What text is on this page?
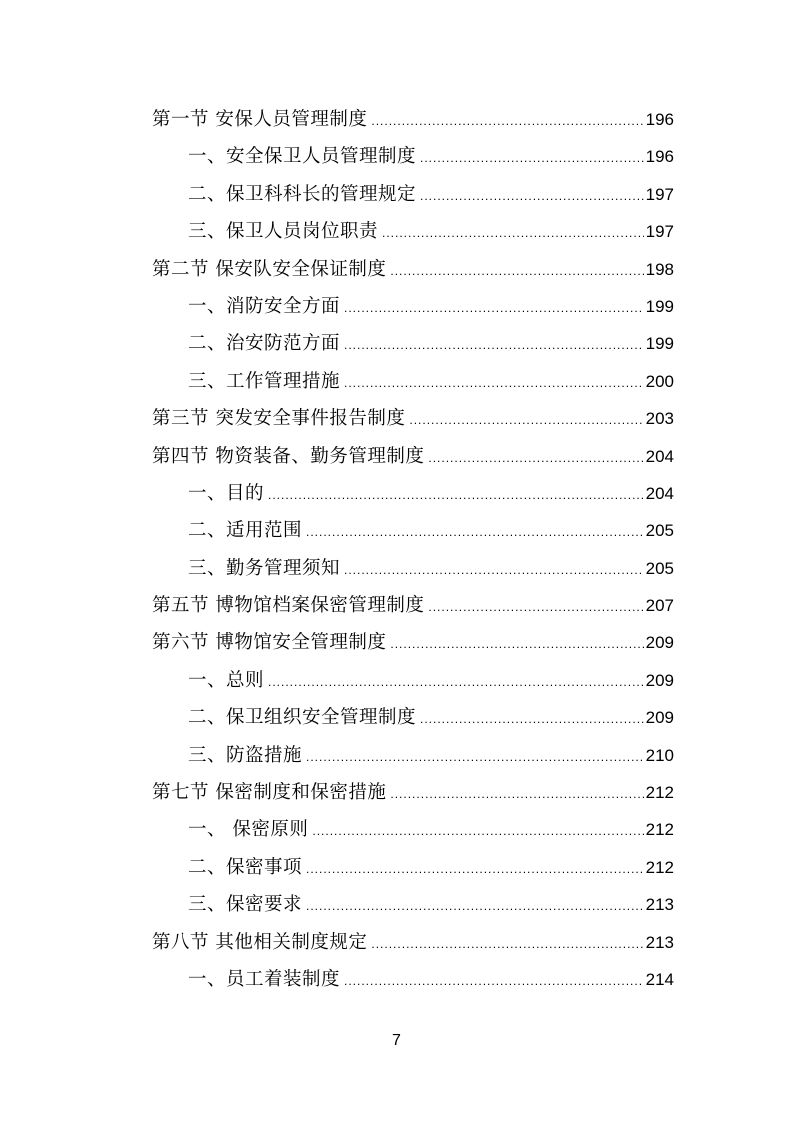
第一节 安保人员管理制度 .....	196
一、安全保卫人员管理制度 .....	196
二、保卫科科长的管理规定 .....	197
三、保卫人员岗位职责 .....	197
第二节 保安队安全保证制度 .....	198
一、消防安全方面 .....	199
二、治安防范方面 .....	199
三、工作管理措施 .....	200
第三节 突发安全事件报告制度 .....	203
第四节 物资装备、勤务管理制度 .....	204
一、目的 .....	204
二、适用范围 .....	205
三、勤务管理须知 .....	205
第五节 博物馆档案保密管理制度 .....	207
第六节 博物馆安全管理制度 .....	209
一、总则 .....	209
二、保卫组织安全管理制度 .....	209
三、防盗措施 .....	210
第七节 保密制度和保密措施 .....	212
一、 保密原则 .....	212
二、保密事项 .....	212
三、保密要求 .....	213
第八节 其他相关制度规定 .....	213
一、员工着装制度 .....	214
7
